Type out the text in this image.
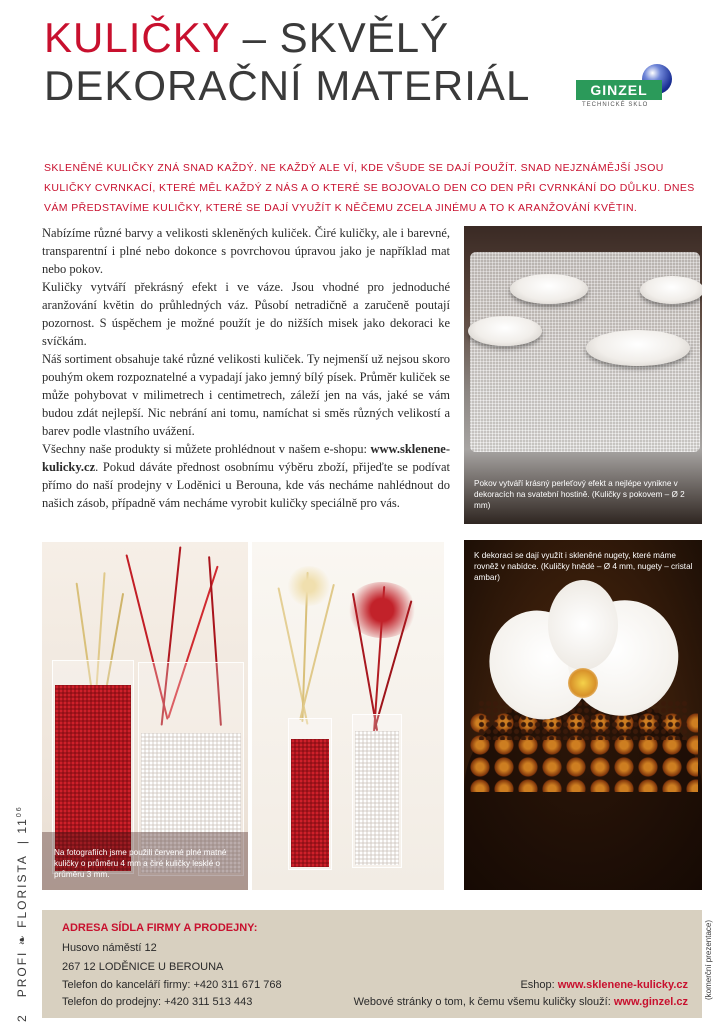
KULIČKY – SKVĚLÝ
DEKORAČNÍ MATERIÁL	GINZEL
TECHNICKÉ SKLO
SKLENĚNÉ KULIČKY ZNÁ SNAD KAŽDÝ. NE KAŽDÝ ALE VÍ, KDE VŠUDE SE DAJÍ POUŽÍT. SNAD NEJZNÁMĚJŠÍ JSOU KULIČKY CVRNKACÍ, KTERÉ MĚL KAŽDÝ Z NÁS A O KTERÉ SE BOJOVALO DEN CO DEN PŘI CVRNKÁNÍ DO DŮLKU. DNES VÁM PŘEDSTAVÍME KULIČKY, KTERÉ SE DAJÍ VYUŽÍT K NĚČEMU ZCELA JINÉMU A TO K ARANŽOVÁNÍ KVĚTIN.

Nabízíme různé barvy a velikosti skleněných kuliček. Čiré kuličky, ale i barevné, transparentní i plné nebo dokonce s povrchovou úpravou jako je například mat nebo pokov.

Kuličky vytváří překrásný efekt i ve váze. Jsou vhodné pro jednoduché aranžování květin do průhledných váz. Působí netradičně a zaručeně poutají pozornost. S úspěchem je možné použít je do nižších misek jako dekoraci ke svíčkám.

Náš sortiment obsahuje také různé velikosti kuliček. Ty nejmenší už nejsou skoro pouhým okem rozpoznatelné a vypadají jako jemný bílý písek. Průměr kuliček se může pohybovat v milimetrech i centimetrech, záleží jen na vás, jaké se vám budou zdát nejlepší. Nic nebrání ani tomu, namíchat si směs různých velikostí a barev podle vlastního uvážení.

Všechny naše produkty si můžete prohlédnout v našem e-shopu: www.sklenene-kulicky.cz. Pokud dáváte přednost osobnímu výběru zboží, přijeďte se podívat přímo do naší prodejny v Loděnici u Berouna, kde vás necháme nahlédnout do našich zásob, případně vám necháme vyrobit kuličky speciálně pro vás.

Pokov vytváří krásný perleťový efekt a nejlépe vynikne v dekoracích na svatební hostině. (Kuličky s pokovem – Ø 2 mm)
Na fotografiích jsme použili červené plné matné kuličky o průměru 4 mm a čiré kuličky lesklé o průměru 3 mm.
K dekoraci se dají využít i skleněné nugety, které máme rovněž v nabídce. (Kuličky hnědé – Ø 4 mm, nugety – cristal ambar)
ADRESA SÍDLA FIRMY A PRODEJNY:
Husovo náměstí 12
267 12 LODĚNICE U BEROUNA
Telefon do kanceláří firmy: +420 311 671 768
Telefon do prodejny: +420 311 513 443
Eshop: www.sklenene-kulicky.cz
Webové stránky o tom, k čemu všemu kuličky slouží: www.ginzel.cz
2   PROFI ❧ FLORISTA  | $11^{06}$
(komerční prezentace)
